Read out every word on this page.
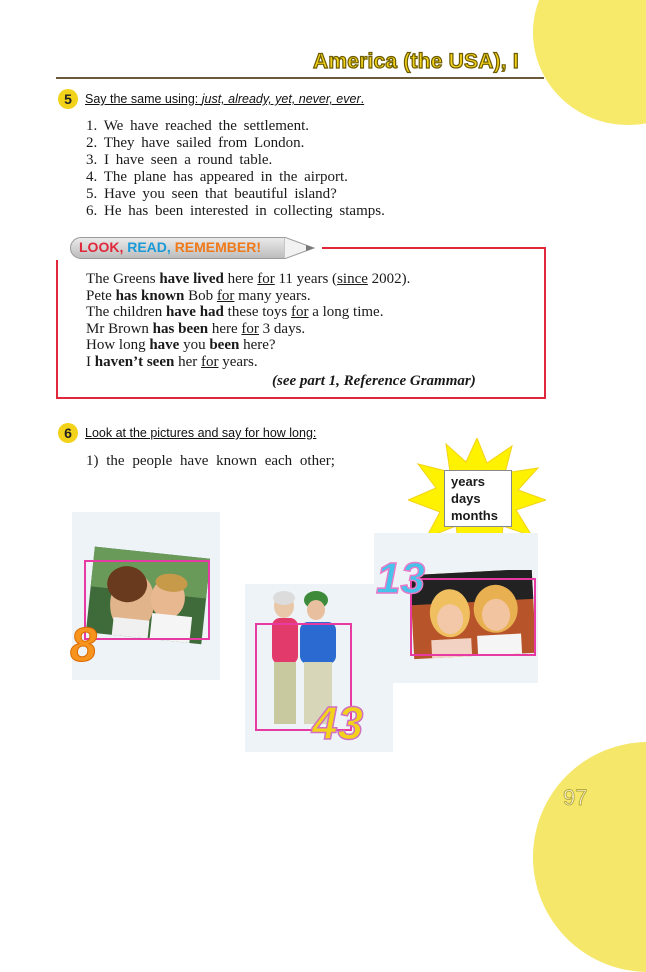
America (the USA), I
5	Say the same using: just, already, yet, never, ever.
1. We have reached the settlement.
2. They have sailed from London.
3. I have seen a round table.
4. The plane has appeared in the airport.
5. Have you seen that beautiful island?
6. He has been interested in collecting stamps.
LOOK, READ, REMEMBER!
The Greens have lived here for 11 years (since 2002).
Pete has known Bob for many years.
The children have had these toys for a long time.
Mr Brown has been here for 3 days.
How long have you been here?
I haven’t seen her for years.
(see part 1, Reference Grammar)
6	Look at the pictures and say for how long:
1) the people have known each other;
years
days
months
8
43
13
97
